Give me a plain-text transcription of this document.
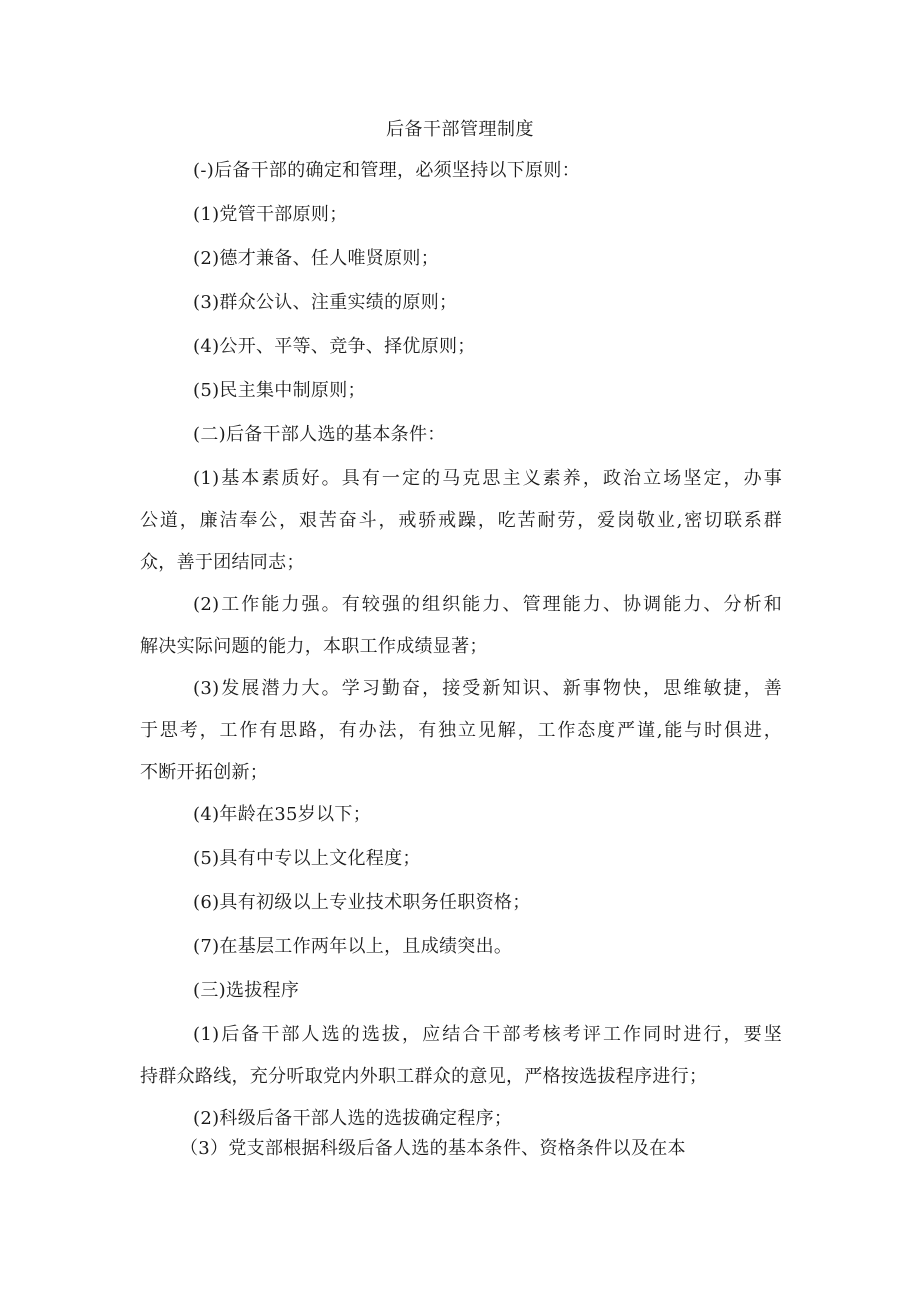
后备干部管理制度
(-)后备干部的确定和管理，必须坚持以下原则：
(1)党管干部原则；
(2)德才兼备、任人唯贤原则；
(3)群众公认、注重实绩的原则；
(4)公开、平等、竞争、择优原则；
(5)民主集中制原则；
(二)后备干部人选的基本条件：
(1)基本素质好。具有一定的马克思主义素养，政治立场坚定，办事
公道，廉洁奉公，艰苦奋斗，戒骄戒躁，吃苦耐劳，爱岗敬业,密切联系群
众，善于团结同志；
(2)工作能力强。有较强的组织能力、管理能力、协调能力、分析和
解决实际问题的能力，本职工作成绩显著；
(3)发展潜力大。学习勤奋，接受新知识、新事物快，思维敏捷，善
于思考，工作有思路，有办法，有独立见解，工作态度严谨,能与时俱进，
不断开拓创新；
(4)年龄在35岁以下；
(5)具有中专以上文化程度；
(6)具有初级以上专业技术职务任职资格；
(7)在基层工作两年以上，且成绩突出。
(三)选拔程序
(1)后备干部人选的选拔，应结合干部考核考评工作同时进行，要坚
持群众路线，充分听取党内外职工群众的意见，严格按选拔程序进行；
(2)科级后备干部人选的选拔确定程序；
（3）党支部根据科级后备人选的基本条件、资格条件以及在本
